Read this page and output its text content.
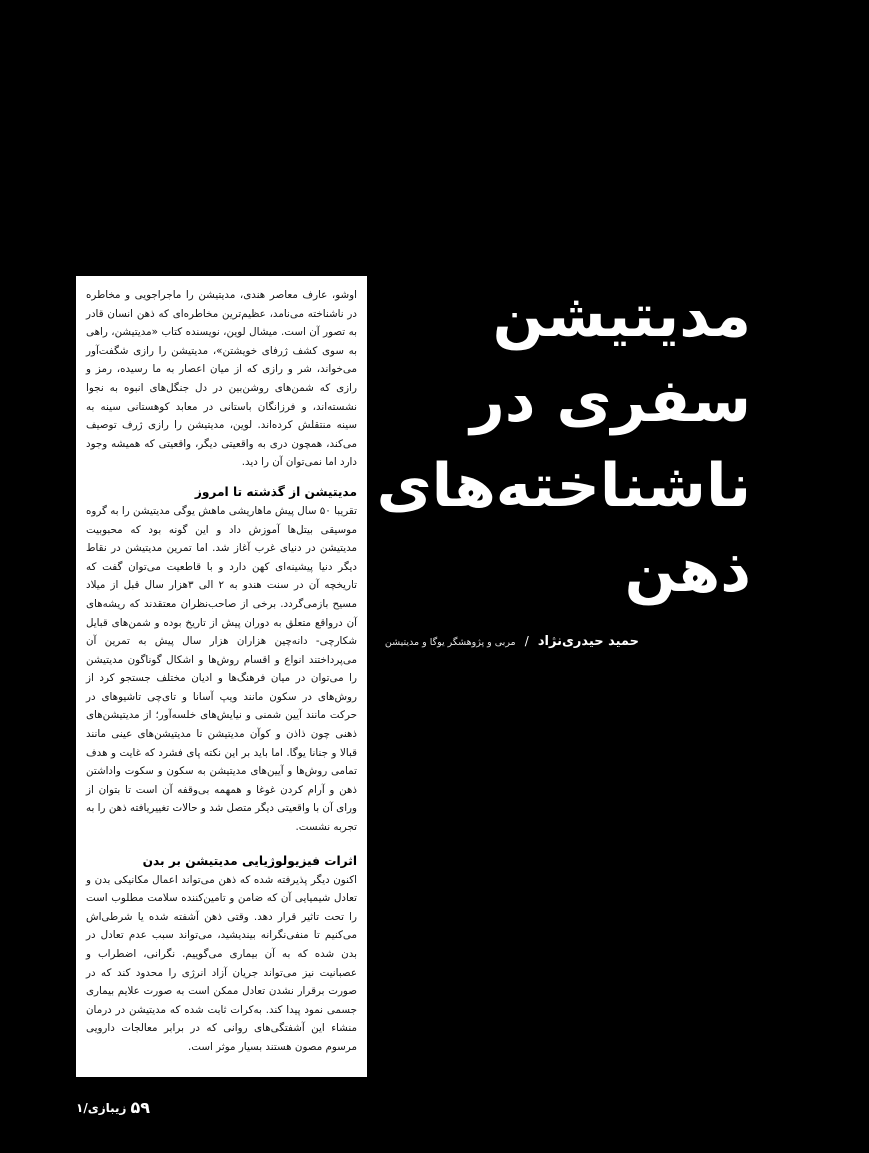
مدیتیشن
سفری در
ناشناخته‌های
ذهن
حمید حیدری‌نژاد / مربی و پژوهشگر یوگا و مدیتیشن

اوشو، عارف معاصر هندی، مدیتیشن را ماجراجویی و مخاطره در ناشناخته می‌نامد، عظیم‌ترین مخاطره‌ای که ذهن انسان قادر به تصور آن است. میشال لوین، نویسنده کتاب «مدیتیشن، راهی به سوی کشف ژرفای خویشتن»، مدیتیشن را رازی شگفت‌آور می‌خواند، شر و رازی که از میان اعصار به ما رسیده، رمز و رازی که شمن‌های روشن‌بین در دل جنگل‌های انبوه به نجوا نشسته‌اند، و فرزانگان باستانی در معابد کوهستانی سینه به سینه منتقلش کرده‌اند. لوین، مدیتیشن را رازی ژرف توصیف می‌کند، همچون دری به واقعیتی دیگر، واقعیتی که همیشه وجود دارد اما نمی‌توان آن را دید.

مدیتیشن از گذشته تا امروز

تقریبا ۵۰ سال پیش ماهاریشی ماهش یوگی مدیتیشن را به گروه موسیقی بیتل‌ها آموزش داد و این گونه بود که محبوبیت مدیتیشن در دنیای غرب آغاز شد. اما تمرین مدیتیشن در نقاط دیگر دنیا پیشینه‌ای کهن دارد و با قاطعیت می‌توان گفت که تاریخچه آن در سنت هندو به ۲ الی ۳هزار سال قبل از میلاد مسیح بازمی‌گردد. برخی از صاحب‌نظران معتقدند که ریشه‌های آن درواقع متعلق به دوران پیش از تاریخ بوده و شمن‌های قبایل شکارچی- دانه‌چین هزاران هزار سال پیش به تمرین آن می‌پرداختند انواع و اقسام روش‌ها و اشکال گوناگون مدیتیشن را می‌توان در میان فرهنگ‌ها و ادیان مختلف جستجو کرد از روش‌های در سکون مانند ویپ آسانا و تای‌چی تاشیوهای در حرکت مانند آیین شمنی و نیایش‌های خلسه‌آور؛ از مدیتیشن‌های ذهنی چون ذاذن و کوآن مدیتیشن تا مدیتیشن‌های عینی مانند قبالا و جنانا یوگا. اما باید بر این نکته پای فشرد که غایت و هدف تمامی روش‌ها و آیین‌های مدیتیشن به سکون و سکوت واداشتن ذهن و آرام کردن غوغا و همهمه بی‌وقفه آن است تا بتوان از ورای آن با واقعیتی دیگر متصل شد و حالات تغییریافته ذهن را به تجربه نشست.

اثرات فیزیولوژیایی مدیتیشن بر بدن

اکنون دیگر پذیرفته شده که ذهن می‌تواند اعمال مکانیکی بدن و تعادل شیمیایی آن که ضامن و تامین‌کننده سلامت مطلوب است را تحت تاثیر قرار دهد. وقتی ذهن آشفته شده یا شرطی‌اش می‌کنیم تا منفی‌نگرانه بیندیشید، می‌تواند سبب عدم تعادل در بدن شده که به آن بیماری می‌گوییم. نگرانی، اضطراب و عصبانیت نیز می‌تواند جریان آزاد انرژی را محدود کند که در صورت برقرار نشدن تعادل ممکن است به صورت علایم بیماری جسمی نمود پیدا کند. به‌کرات ثابت شده که مدیتیشن در درمان منشاء این آشفتگی‌های روانی که در برابر معالجات دارویی مرسوم مصون هستند بسیار موثر است.

۵۹
زیبازی/۱
